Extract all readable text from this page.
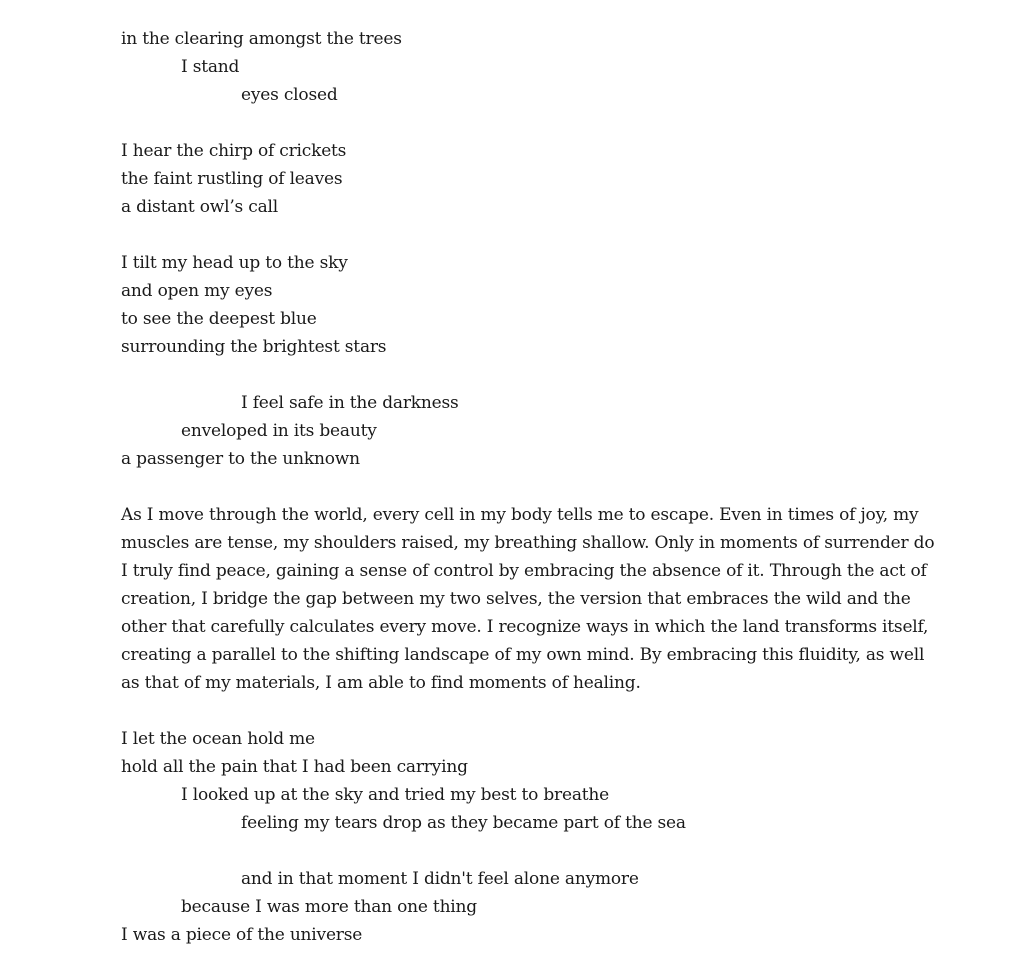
in the clearing amongst the trees
I stand
eyes closed
I hear the chirp of crickets
the faint rustling of leaves
a distant owl’s call
I tilt my head up to the sky
and open my eyes
to see the deepest blue
surrounding the brightest stars
I feel safe in the darkness
enveloped in its beauty
a passenger to the unknown
As I move through the world, every cell in my body tells me to escape. Even in times of joy, my
muscles are tense, my shoulders raised, my breathing shallow. Only in moments of surrender do
I truly find peace, gaining a sense of control by embracing the absence of it. Through the act of
creation, I bridge the gap between my two selves, the version that embraces the wild and the
other that carefully calculates every move. I recognize ways in which the land transforms itself,
creating a parallel to the shifting landscape of my own mind. By embracing this fluidity, as well
as that of my materials, I am able to find moments of healing.
I let the ocean hold me
hold all the pain that I had been carrying
I looked up at the sky and tried my best to breathe
feeling my tears drop as they became part of the sea
and in that moment I didn't feel alone anymore
because I was more than one thing
I was a piece of the universe
